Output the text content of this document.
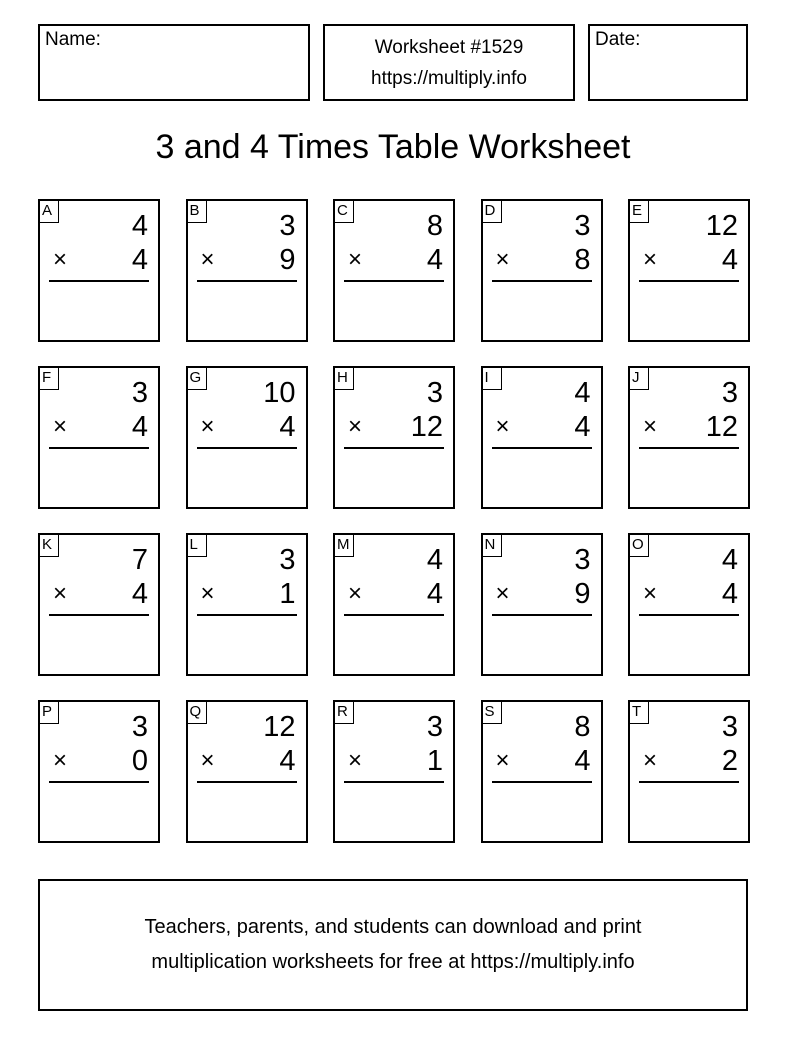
Name:	Worksheet #1529
https://multiply.info
Date:
3 and 4 Times Table Worksheet
A	4
× 4
B	3
× 9
C	8
× 4
D	3
× 8
E 12
× 4
F	3
× 4
G 10
× 4
H	3
× 12
I	4
× 4
J	3
× 12
K	7
× 4
L	3
× 1
M	4
× 4
N	3
× 9
O	4
× 4
P	3
× 0
Q 12
× 4
R	3
× 1
S	8
× 4
T	3
× 2
Teachers, parents, and students can download and print
multiplication worksheets for free at https://multiply.info
